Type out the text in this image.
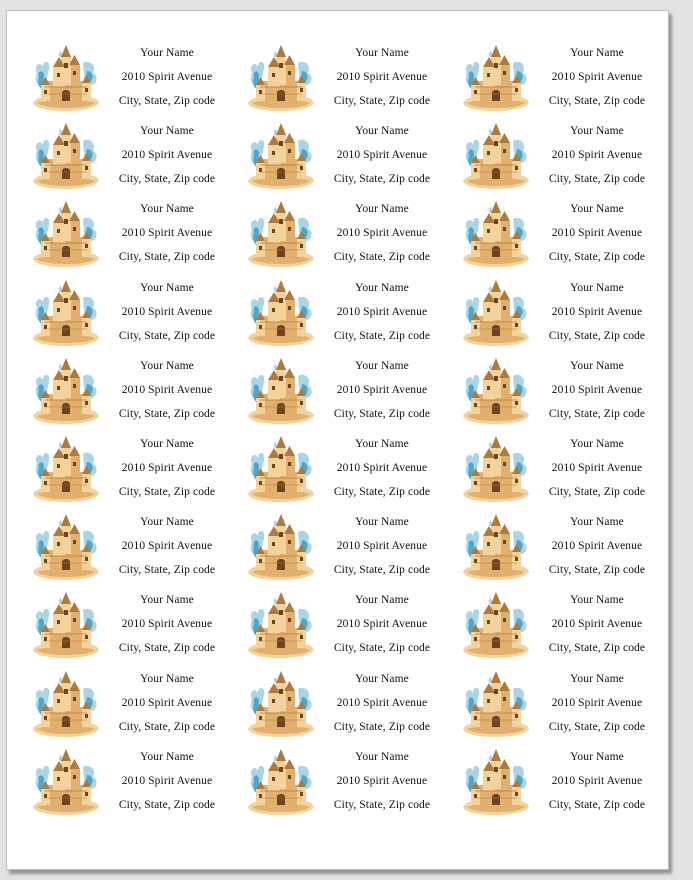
Your Name
2010 Spirit Avenue
City, State, Zip code
Your Name
2010 Spirit Avenue
City, State, Zip code
Your Name
2010 Spirit Avenue
City, State, Zip code
Your Name
2010 Spirit Avenue
City, State, Zip code
Your Name
2010 Spirit Avenue
City, State, Zip code
Your Name
2010 Spirit Avenue
City, State, Zip code
Your Name
2010 Spirit Avenue
City, State, Zip code
Your Name
2010 Spirit Avenue
City, State, Zip code
Your Name
2010 Spirit Avenue
City, State, Zip code
Your Name
2010 Spirit Avenue
City, State, Zip code
Your Name
2010 Spirit Avenue
City, State, Zip code
Your Name
2010 Spirit Avenue
City, State, Zip code
Your Name
2010 Spirit Avenue
City, State, Zip code
Your Name
2010 Spirit Avenue
City, State, Zip code
Your Name
2010 Spirit Avenue
City, State, Zip code
Your Name
2010 Spirit Avenue
City, State, Zip code
Your Name
2010 Spirit Avenue
City, State, Zip code
Your Name
2010 Spirit Avenue
City, State, Zip code
Your Name
2010 Spirit Avenue
City, State, Zip code
Your Name
2010 Spirit Avenue
City, State, Zip code
Your Name
2010 Spirit Avenue
City, State, Zip code
Your Name
2010 Spirit Avenue
City, State, Zip code
Your Name
2010 Spirit Avenue
City, State, Zip code
Your Name
2010 Spirit Avenue
City, State, Zip code
Your Name
2010 Spirit Avenue
City, State, Zip code
Your Name
2010 Spirit Avenue
City, State, Zip code
Your Name
2010 Spirit Avenue
City, State, Zip code
Your Name
2010 Spirit Avenue
City, State, Zip code
Your Name
2010 Spirit Avenue
City, State, Zip code
Your Name
2010 Spirit Avenue
City, State, Zip code
